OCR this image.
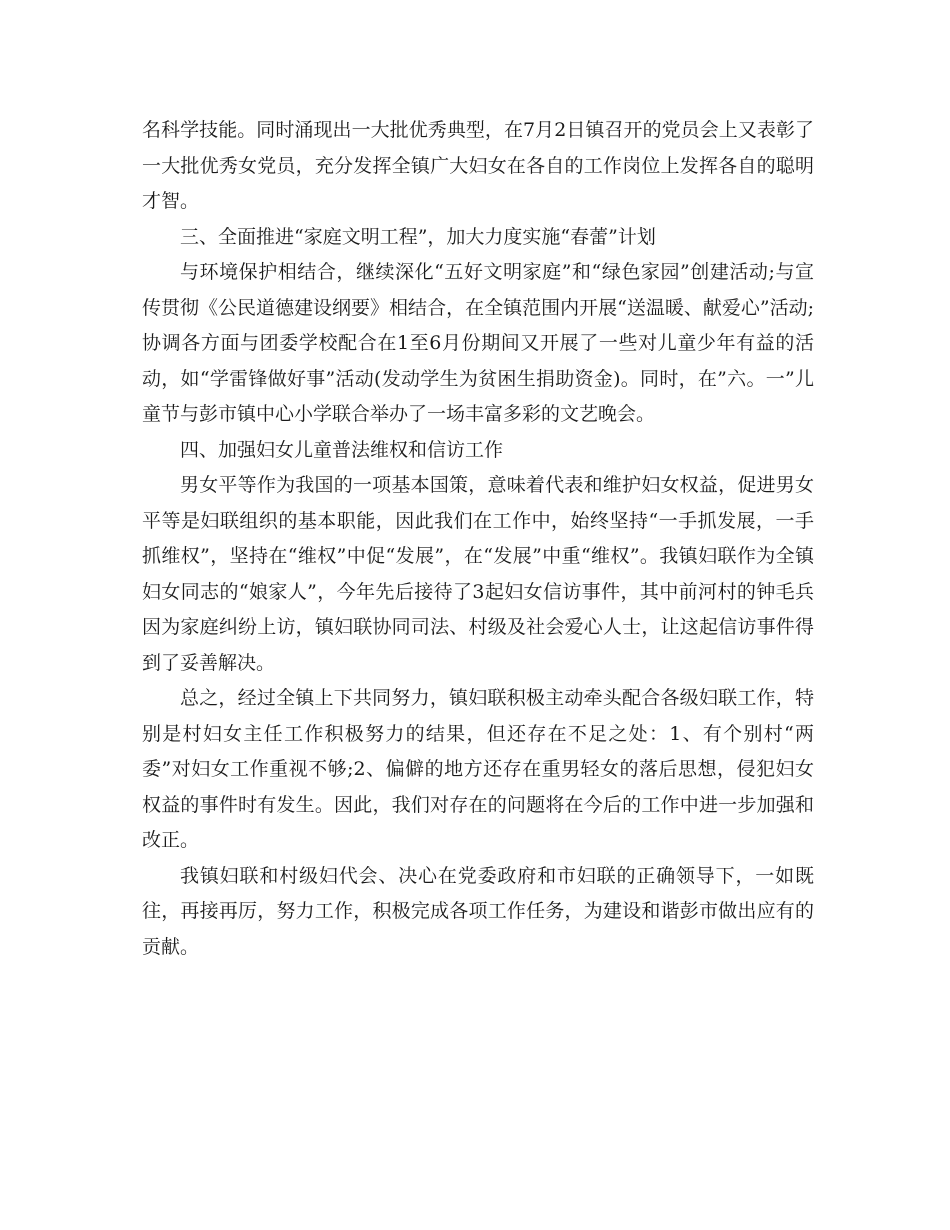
名科学技能。同时涌现出一大批优秀典型，在7月2日镇召开的党员会上又表彰了一大批优秀女党员，充分发挥全镇广大妇女在各自的工作岗位上发挥各自的聪明才智。

三、全面推进“家庭文明工程”，加大力度实施“春蕾”计划

与环境保护相结合，继续深化“五好文明家庭”和“绿色家园”创建活动;与宣传贯彻《公民道德建设纲要》相结合，在全镇范围内开展“送温暖、献爱心”活动;协调各方面与团委学校配合在1至6月份期间又开展了一些对儿童少年有益的活动，如“学雷锋做好事”活动(发动学生为贫困生捐助资金)。同时，在”六。一”儿童节与彭市镇中心小学联合举办了一场丰富多彩的文艺晚会。

四、加强妇女儿童普法维权和信访工作

男女平等作为我国的一项基本国策，意味着代表和维护妇女权益，促进男女平等是妇联组织的基本职能，因此我们在工作中，始终坚持“一手抓发展，一手抓维权”，坚持在“维权”中促“发展”，在“发展”中重“维权”。我镇妇联作为全镇妇女同志的“娘家人”，今年先后接待了3起妇女信访事件，其中前河村的钟毛兵因为家庭纠纷上访，镇妇联协同司法、村级及社会爱心人士，让这起信访事件得到了妥善解决。

总之，经过全镇上下共同努力，镇妇联积极主动牵头配合各级妇联工作，特别是村妇女主任工作积极努力的结果，但还存在不足之处：1、有个别村“两委”对妇女工作重视不够;2、偏僻的地方还存在重男轻女的落后思想，侵犯妇女权益的事件时有发生。因此，我们对存在的问题将在今后的工作中进一步加强和改正。

我镇妇联和村级妇代会、决心在党委政府和市妇联的正确领导下，一如既往，再接再厉，努力工作，积极完成各项工作任务，为建设和谐彭市做出应有的贡献。
